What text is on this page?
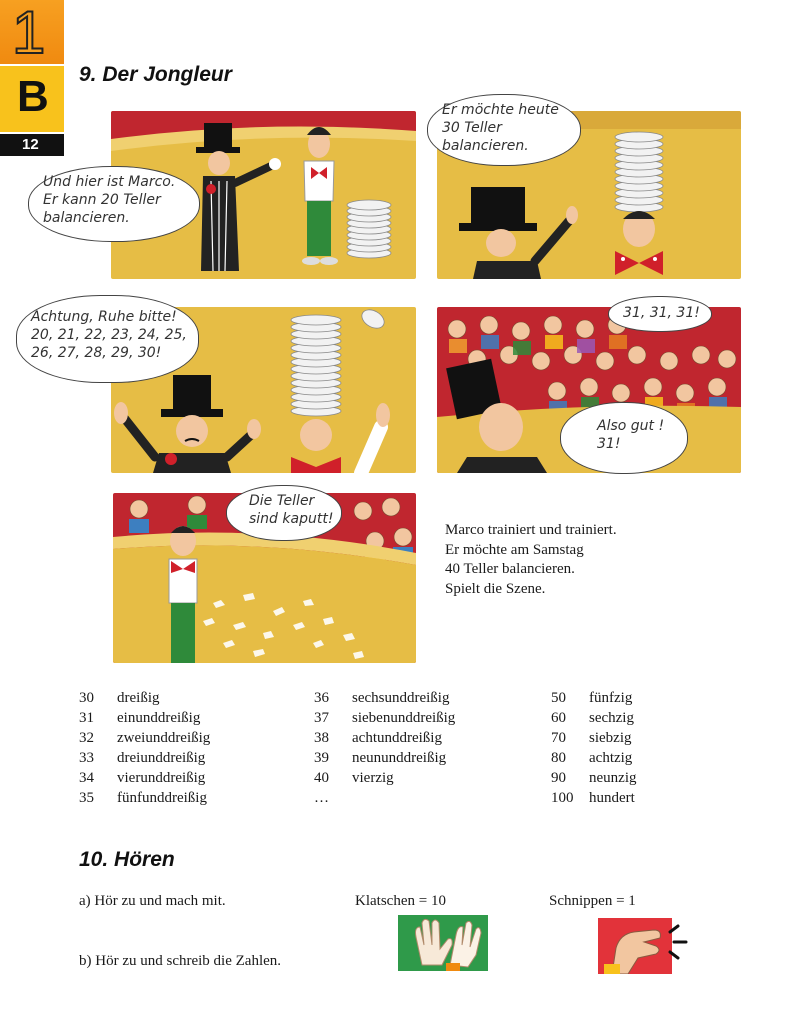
1
B
12
9. Der Jongleur
Und hier ist Marco.
Er kann 20 Teller
balancieren.
Er möchte heute
30 Teller
balancieren.
Achtung, Ruhe bitte!
20, 21, 22, 23, 24, 25,
26, 27, 28, 29, 30!
31, 31, 31!
Also gut !
31!
Die Teller
sind kaputt!
Marco trainiert und trainiert.
Er möchte am Samstag
40 Teller balancieren.
Spielt die Szene.
30 dreißig
31 einunddreißig
32 zweiunddreißig
33 dreiunddreißig
34 vierunddreißig
35 fünfunddreißig
36 sechsunddreißig
37 siebenunddreißig
38 achtunddreißig
39 neununddreißig
40 vierzig
…
50 fünfzig
60 sechzig
70 siebzig
80 achtzig
90 neunzig
100 hundert
10. Hören
a) Hör zu und mach mit.
b) Hör zu und schreib die Zahlen.
Klatschen = 10	Schnippen = 1
